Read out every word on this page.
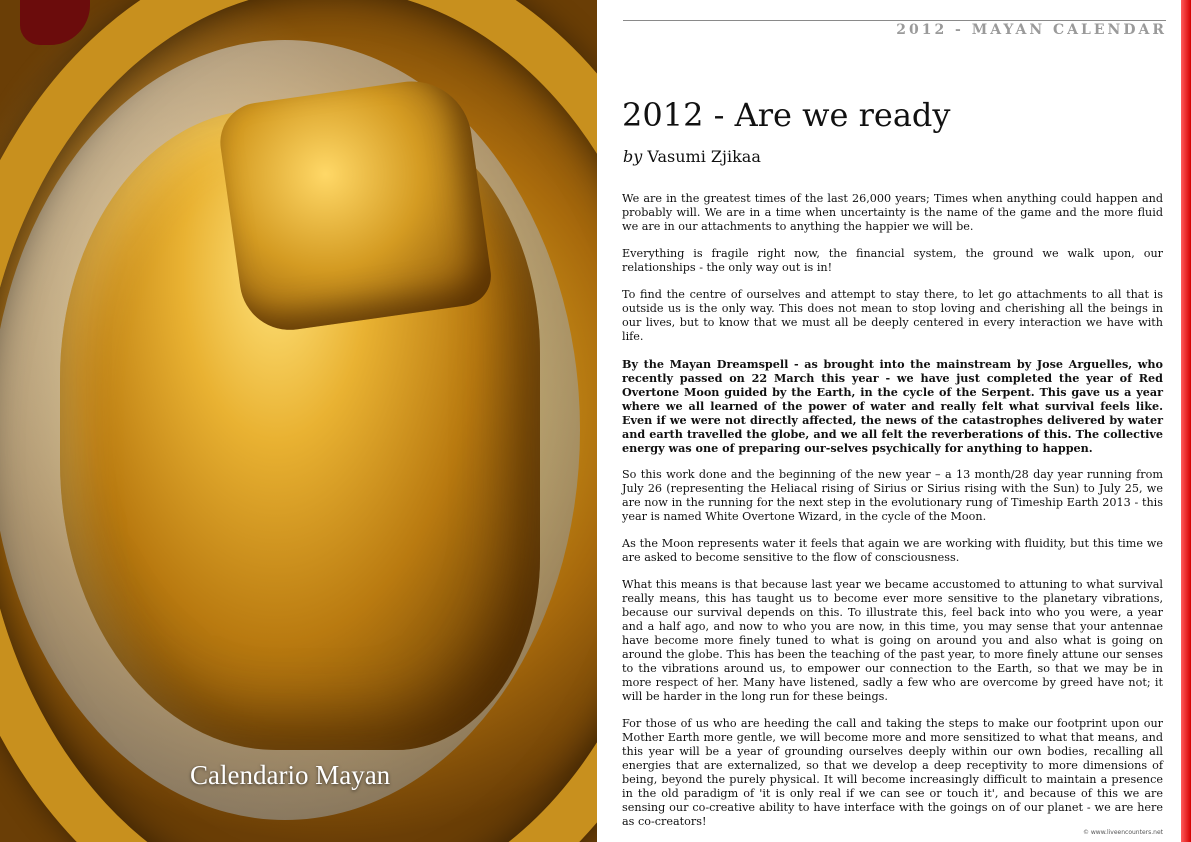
Calendario Mayan
2012 - MAYAN CALENDAR
2012 - Are we ready
by Vasumi Zjikaa

We are in the greatest times of the last 26,000 years; Times when anything could happen and probably will. We are in a time when uncertainty is the name of the game and the more fluid we are in our attachments to anything the happier we will be.

Everything is fragile right now, the financial system, the ground we walk upon, our relationships - the only way out is in!

To find the centre of ourselves and attempt to stay there, to let go attachments to all that is outside us is the only way. This does not mean to stop loving and cherishing all the beings in our lives, but to know that we must all be deeply centered in every interaction we have with life.

By the Mayan Dreamspell - as brought into the mainstream by Jose Arguelles, who recently passed on 22 March this year - we have just completed the year of Red Overtone Moon guided by the Earth, in the cycle of the Serpent. This gave us a year where we all learned of the power of water and really felt what survival feels like. Even if we were not directly affected, the news of the catastrophes delivered by water and earth travelled the globe, and we all felt the reverberations of this. The collective energy was one of preparing our-selves psychically for anything to happen.

So this work done and the beginning of the new year – a 13 month/28 day year running from July 26 (representing the Heliacal rising of Sirius or Sirius rising with the Sun) to July 25, we are now in the running for the next step in the evolutionary rung of Timeship Earth 2013 - this year is named White Overtone Wizard, in the cycle of the Moon.

As the Moon represents water it feels that again we are working with fluidity, but this time we are asked to become sensitive to the flow of consciousness.

What this means is that because last year we became accustomed to attuning to what survival really means, this has taught us to become ever more sensitive to the planetary vibrations, because our survival depends on this. To illustrate this, feel back into who you were, a year and a half ago, and now to who you are now, in this time, you may sense that your antennae have become more finely tuned to what is going on around you and also what is going on around the globe. This has been the teaching of the past year, to more finely attune our senses to the vibrations around us, to empower our connection to the Earth, so that we may be in more respect of her. Many have listened, sadly a few who are overcome by greed have not; it will be harder in the long run for these beings.

For those of us who are heeding the call and taking the steps to make our footprint upon our Mother Earth more gentle, we will become more and more sensitized to what that means, and this year will be a year of grounding ourselves deeply within our own bodies, recalling all energies that are externalized, so that we develop a deep receptivity to more dimensions of being, beyond the purely physical. It will become increasingly difficult to maintain a presence in the old paradigm of 'it is only real if we can see or touch it', and because of this we are sensing our co-creative ability to have interface with the goings on of our planet - we are here as co-creators!

© www.liveencounters.net
